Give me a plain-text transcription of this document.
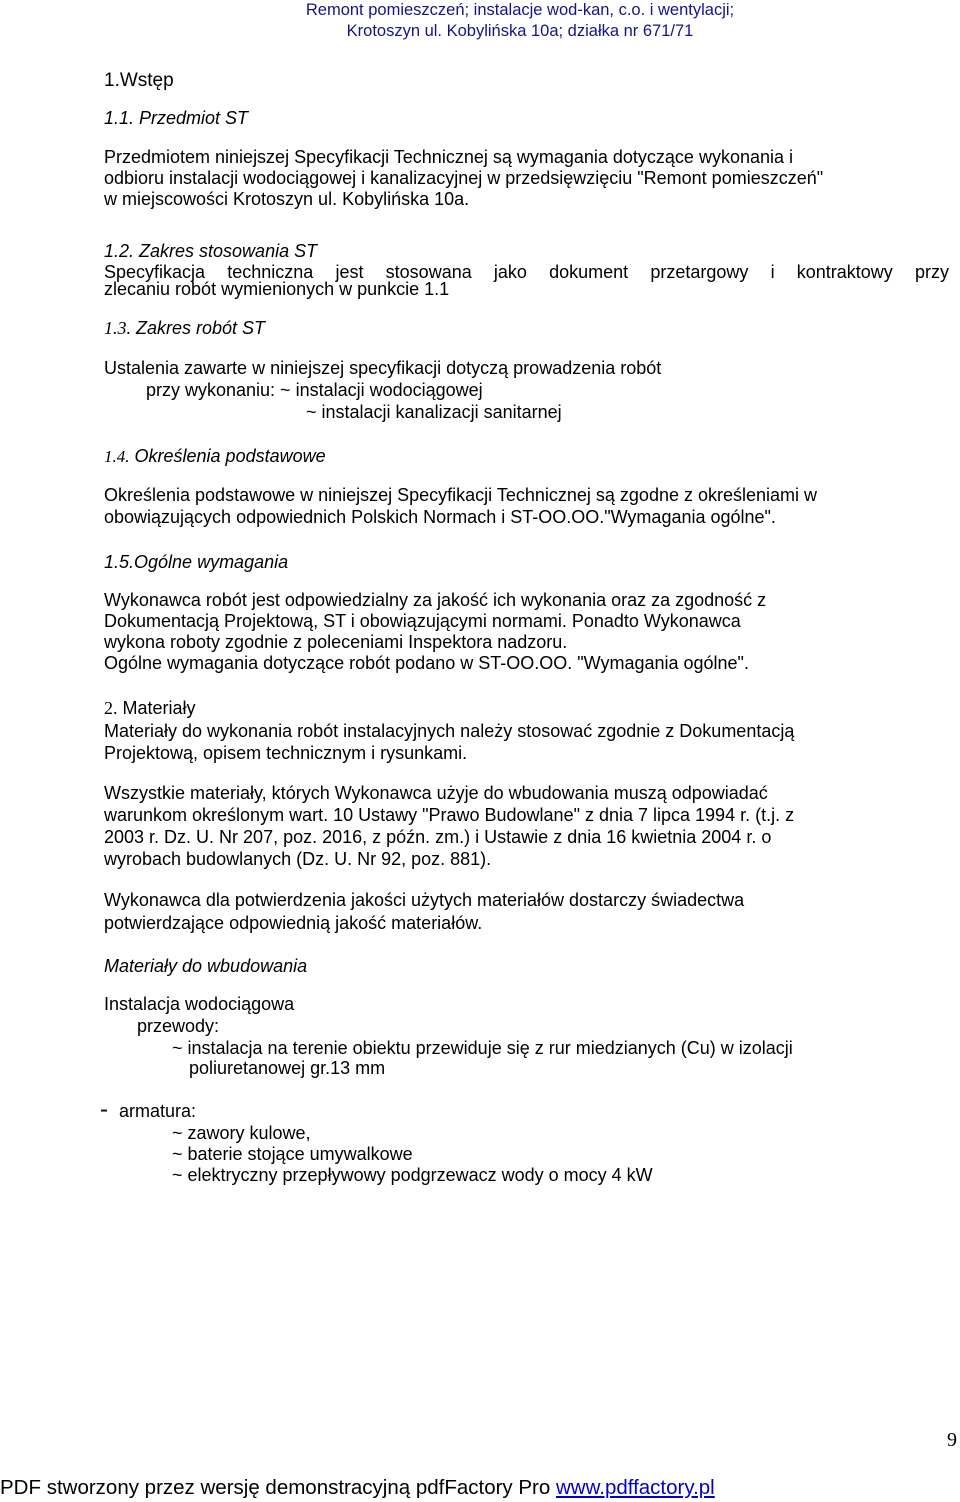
Remont pomieszczeń; instalacje wod-kan, c.o. i wentylacji;
Krotoszyn ul. Kobylińska 10a; działka nr 671/71
1.Wstęp
1.1. Przedmiot ST
Przedmiotem niniejszej Specyfikacji Technicznej są wymagania dotyczące wykonania i
odbioru instalacji wodociągowej i kanalizacyjnej w przedsięwzięciu "Remont pomieszczeń"
w miejscowości Krotoszyn ul. Kobylińska 10a.
1.2. Zakres stosowania ST
Specyfikacja techniczna jest stosowana jako dokument przetargowy i kontraktowy przy
zlecaniu robót wymienionych w punkcie 1.1
1.3. Zakres robót ST
Ustalenia zawarte w niniejszej specyfikacji dotyczą prowadzenia robót
przy wykonaniu: ~ instalacji wodociągowej
~ instalacji kanalizacji sanitarnej
1.4. Określenia podstawowe
Określenia podstawowe w niniejszej Specyfikacji Technicznej są zgodne z określeniami w
obowiązujących odpowiednich Polskich Normach i ST-OO.OO."Wymagania ogólne".
1.5.Ogólne wymagania
Wykonawca robót jest odpowiedzialny za jakość ich wykonania oraz za zgodność z
Dokumentacją Projektową, ST i obowiązującymi normami. Ponadto Wykonawca
wykona roboty zgodnie z poleceniami Inspektora nadzoru.
Ogólne wymagania dotyczące robót podano w ST-OO.OO. "Wymagania ogólne".
2. Materiały
Materiały do wykonania robót instalacyjnych należy stosować zgodnie z Dokumentacją
Projektową, opisem technicznym i rysunkami.
Wszystkie materiały, których Wykonawca użyje do wbudowania muszą odpowiadać
warunkom określonym wart. 10 Ustawy "Prawo Budowlane" z dnia 7 lipca 1994 r. (t.j. z
2003 r. Dz. U. Nr 207, poz. 2016, z późn. zm.) i Ustawie z dnia 16 kwietnia 2004 r. o
wyrobach budowlanych (Dz. U. Nr 92, poz. 881).
Wykonawca dla potwierdzenia jakości użytych materiałów dostarczy świadectwa
potwierdzające odpowiednią jakość materiałów.
Materiały do wbudowania
Instalacja wodociągowa
przewody:
~ instalacja na terenie obiektu przewiduje się z rur miedzianych (Cu) w izolacji
poliuretanowej gr.13 mm
- armatura:
~ zawory kulowe,
~ baterie stojące umywalkowe
~ elektryczny przepływowy podgrzewacz wody o mocy 4 kW
9
PDF stworzony przez wersję demonstracyjną pdfFactory Pro www.pdffactory.pl
